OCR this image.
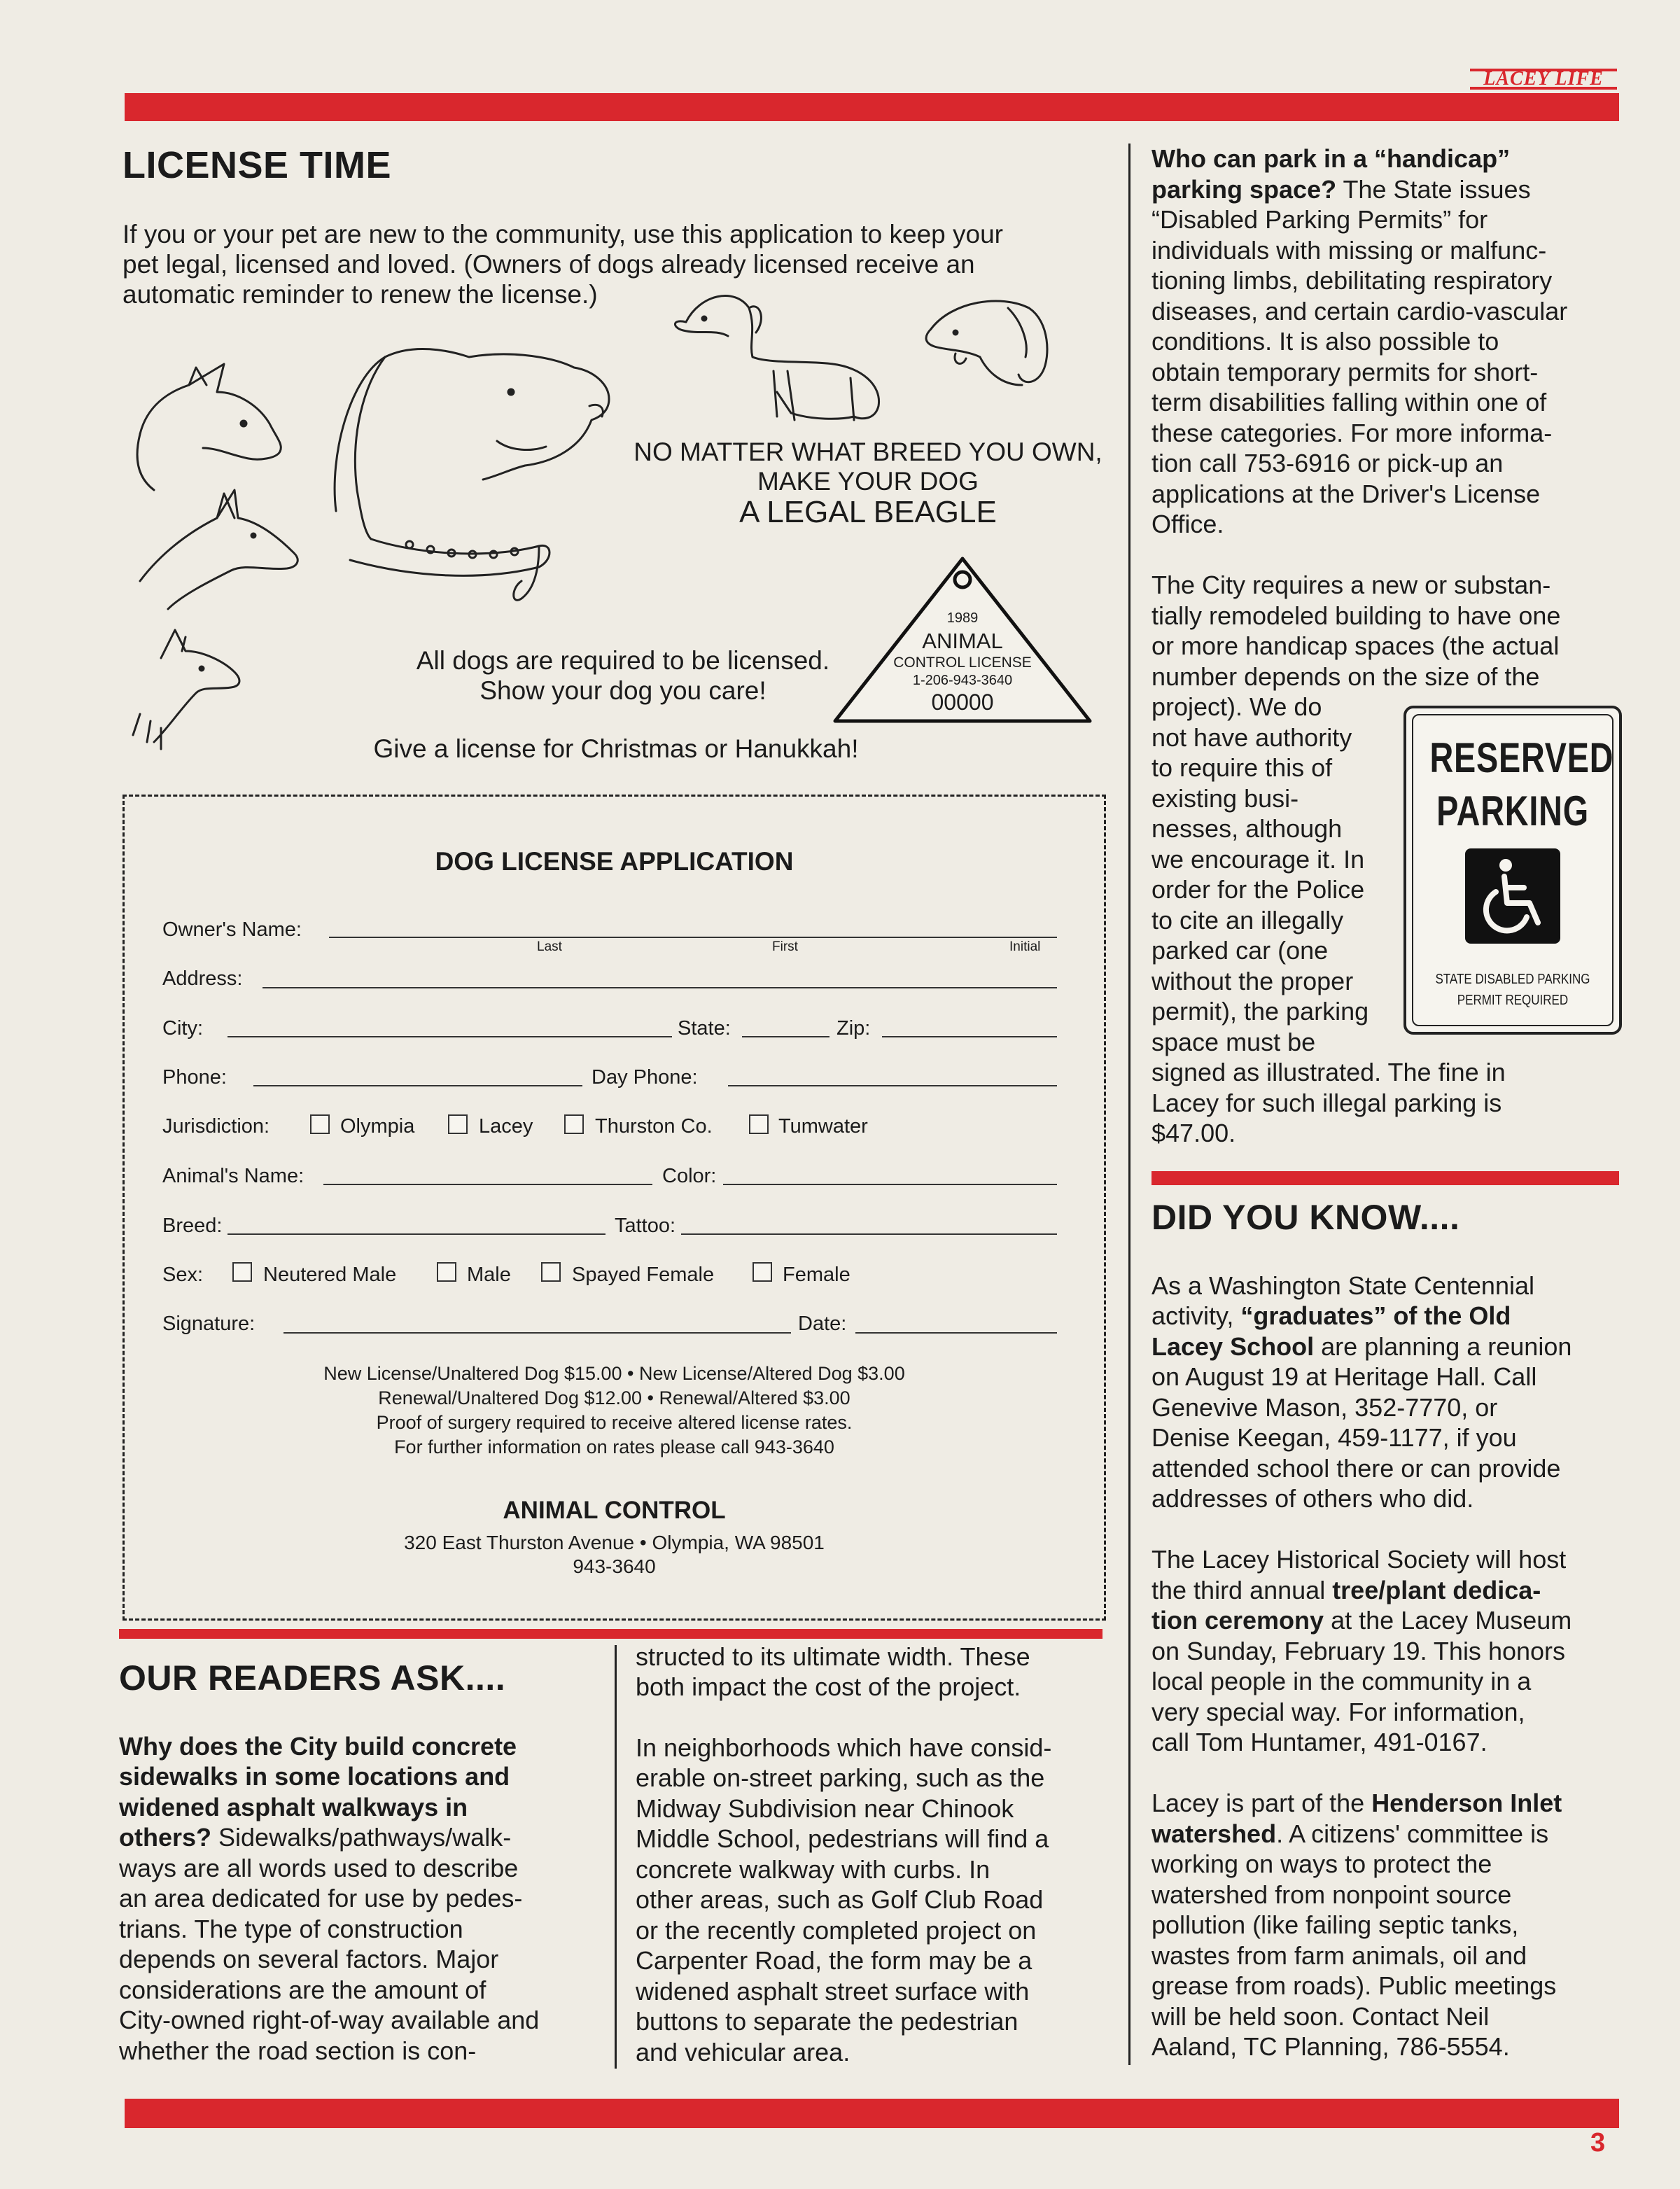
LACEY LIFE
3
LICENSE TIME
If you or your pet are new to the community, use this application to keep your
pet legal, licensed and loved. (Owners of dogs already licensed receive an
automatic reminder to renew the license.)
NO MATTER WHAT BREED YOU OWN,
MAKE YOUR DOG
A LEGAL BEAGLE
All dogs are required to be licensed.
Show your dog you care!
Give a license for Christmas or Hanukkah!
1989
ANIMAL
CONTROL LICENSE
1-206-943-3640
00000
DOG LICENSE APPLICATION
Owner's Name:
Last	First	Initial
Address:
City:	State:	Zip:
Phone:	Day Phone:
Jurisdiction:	Olympia	Lacey	Thurston Co.	Tumwater
Animal's Name:	Color:
Breed:	Tattoo:
Sex:	Neutered Male	Male	Spayed Female	Female
Signature:	Date:
New License/Unaltered Dog $15.00 • New License/Altered Dog $3.00
Renewal/Unaltered Dog $12.00 • Renewal/Altered $3.00
Proof of surgery required to receive altered license rates.
For further information on rates please call 943-3640
ANIMAL CONTROL
320 East Thurston Avenue • Olympia, WA 98501
943-3640
OUR READERS ASK....
Why does the City build concrete
sidewalks in some locations and
widened asphalt walkways in
others? Sidewalks/pathways/walk-
ways are all words used to describe
an area dedicated for use by pedes-
trians. The type of construction
depends on several factors. Major
considerations are the amount of
City-owned right-of-way available and
whether the road section is con-
structed to its ultimate width. These
both impact the cost of the project.
In neighborhoods which have consid-
erable on-street parking, such as the
Midway Subdivision near Chinook
Middle School, pedestrians will find a
concrete walkway with curbs. In
other areas, such as Golf Club Road
or the recently completed project on
Carpenter Road, the form may be a
widened asphalt street surface with
buttons to separate the pedestrian
and vehicular area.
Who can park in a “handicap”
parking space? The State issues
“Disabled Parking Permits” for
individuals with missing or malfunc-
tioning limbs, debilitating respiratory
diseases, and certain cardio-vascular
conditions. It is also possible to
obtain temporary permits for short-
term disabilities falling within one of
these categories. For more informa-
tion call 753-6916 or pick-up an
applications at the Driver's License
Office.
The City requires a new or substan-
tially remodeled building to have one
or more handicap spaces (the actual
number depends on the size of the
project). We do
not have authority
to require this of
existing busi-
nesses, although
we encourage it. In
order for the Police
to cite an illegally
parked car (one
without the proper
permit), the parking
space must be
signed as illustrated. The fine in
Lacey for such illegal parking is
$47.00.
RESERVED
PARKING
STATE DISABLED PARKING
PERMIT REQUIRED
DID YOU KNOW....
As a Washington State Centennial
activity, “graduates” of the Old
Lacey School are planning a reunion
on August 19 at Heritage Hall. Call
Genevive Mason, 352-7770, or
Denise Keegan, 459-1177, if you
attended school there or can provide
addresses of others who did.
The Lacey Historical Society will host
the third annual tree/plant dedica-
tion ceremony at the Lacey Museum
on Sunday, February 19. This honors
local people in the community in a
very special way. For information,
call Tom Huntamer, 491-0167.
Lacey is part of the Henderson Inlet
watershed. A citizens' committee is
working on ways to protect the
watershed from nonpoint source
pollution (like failing septic tanks,
wastes from farm animals, oil and
grease from roads). Public meetings
will be held soon. Contact Neil
Aaland, TC Planning, 786-5554.
